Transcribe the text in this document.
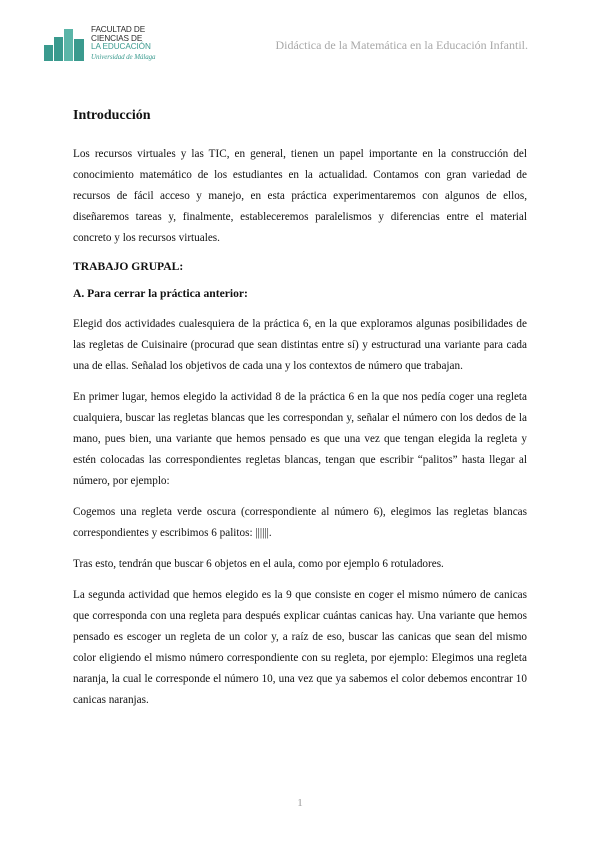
FACULTAD DE
CIENCIAS DE
LA EDUCACIÓN
Universidad de Málaga
Didáctica de la Matemática en la Educación Infantil.
Introducción

Los recursos virtuales y las TIC, en general, tienen un papel importante en la construcción del conocimiento matemático de los estudiantes en la actualidad. Contamos con gran variedad de recursos de fácil acceso y manejo, en esta práctica experimentaremos con algunos de ellos, diseñaremos tareas y, finalmente, estableceremos paralelismos y diferencias entre el material concreto y los recursos virtuales.

TRABAJO GRUPAL:
A. Para cerrar la práctica anterior:

Elegid dos actividades cualesquiera de la práctica 6, en la que exploramos algunas posibilidades de las regletas de Cuisinaire (procurad que sean distintas entre sí) y estructurad una variante para cada una de ellas. Señalad los objetivos de cada una y los contextos de número que trabajan.

En primer lugar, hemos elegido la actividad 8 de la práctica 6 en la que nos pedía coger una regleta cualquiera, buscar las regletas blancas que les correspondan y, señalar el número con los dedos de la mano, pues bien, una variante que hemos pensado es que una vez que tengan elegida la regleta y estén colocadas las correspondientes regletas blancas, tengan que escribir “palitos” hasta llegar al número, por ejemplo:

Cogemos una regleta verde oscura (correspondiente al número 6), elegimos las regletas blancas correspondientes y escribimos 6 palitos: ||||||.

Tras esto, tendrán que buscar 6 objetos en el aula, como por ejemplo 6 rotuladores.

La segunda actividad que hemos elegido es la 9 que consiste en coger el mismo número de canicas que corresponda con una regleta para después explicar cuántas canicas hay. Una variante que hemos pensado es escoger un regleta de un color y, a raíz de eso, buscar las canicas que sean del mismo color eligiendo el mismo número correspondiente con su regleta, por ejemplo: Elegimos una regleta naranja, la cual le corresponde el número 10, una vez que ya sabemos el color debemos encontrar 10 canicas naranjas.

1
